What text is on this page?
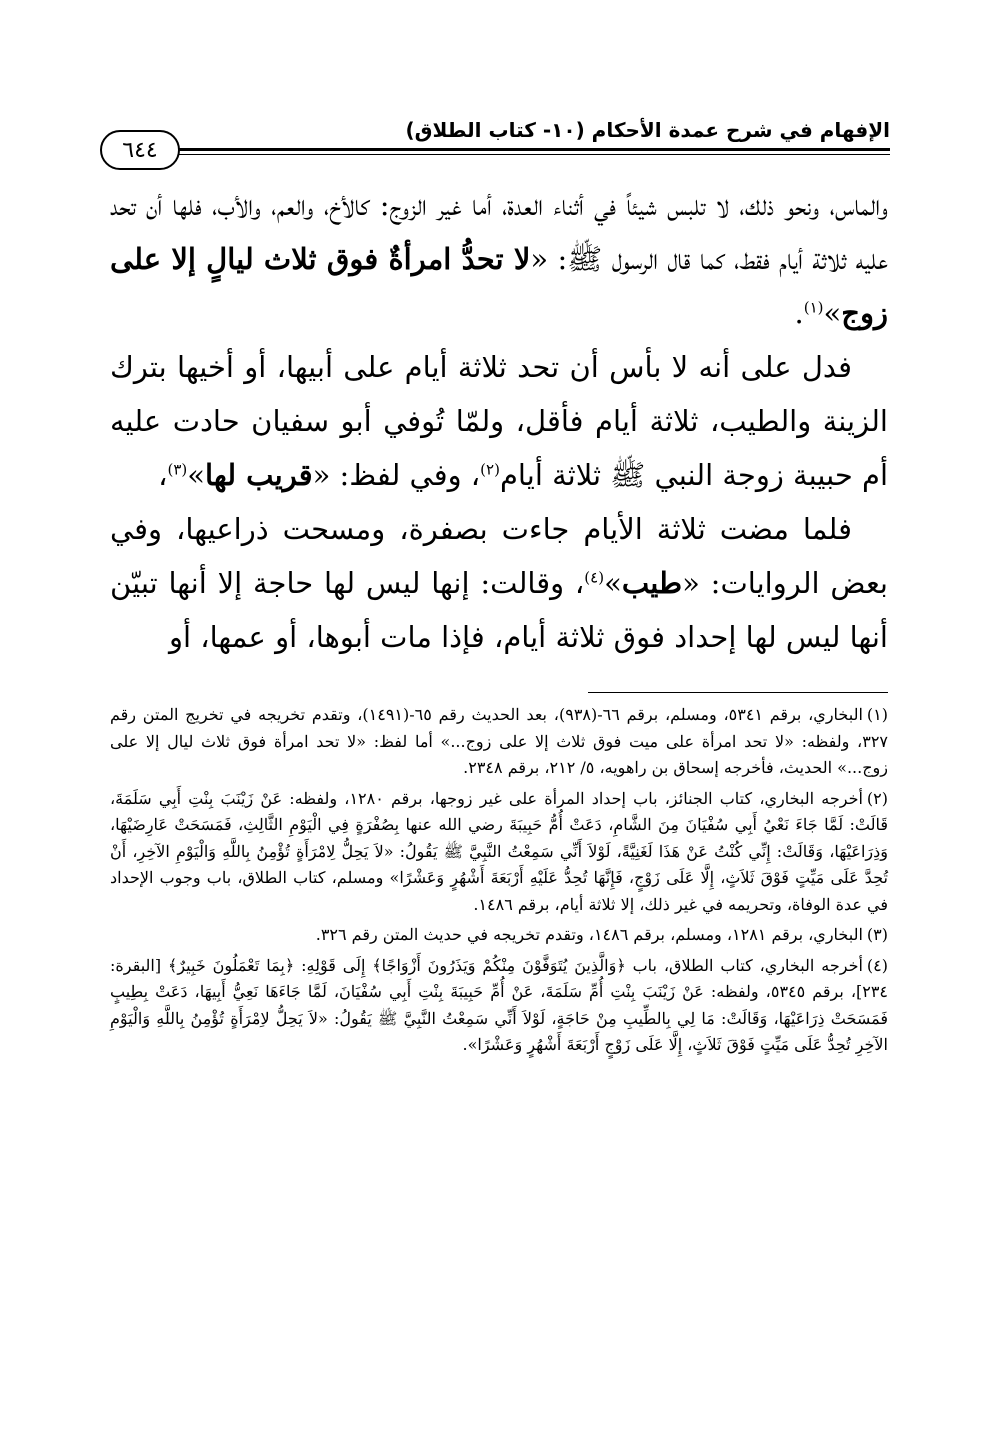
الإفهام في شرح عمدة الأحكام (١٠- كتاب الطلاق)
٦٤٤

والماس، ونحو ذلك، لا تلبس شيئاً في أثناء العدة، أما غير الزوج: كالأخ، والعم، والأب، فلها أن تحد عليه ثلاثة أيام فقط، كما قال الرسول ﷺ: «لا تحدُّ امرأةٌ فوق ثلاث ليالٍ إلا على زوج»$^{(١)}$.

فدل على أنه لا بأس أن تحد ثلاثة أيام على أبيها، أو أخيها بترك الزينة والطيب، ثلاثة أيام فأقل، ولمّا تُوفي أبو سفيان حادت عليه أم حبيبة زوجة النبي ﷺ ثلاثة أيام$^{(٢)}$، وفي لفظ: «قريب لها»$^{(٣)}$،

فلما مضت ثلاثة الأيام جاءت بصفرة، ومسحت ذراعيها، وفي بعض الروايات: «طيب»$^{(٤)}$، وقالت: إنها ليس لها حاجة إلا أنها تبيّن أنها ليس لها إحداد فوق ثلاثة أيام، فإذا مات أبوها، أو عمها، أو

(١)البخاري، برقم ٥٣٤١، ومسلم، برقم ٦٦-(٩٣٨)، بعد الحديث رقم ٦٥-(١٤٩١)، وتقدم تخريجه في تخريج المتن رقم ٣٢٧، ولفظه: «لا تحد امرأة على ميت فوق ثلاث إلا على زوج...» أما لفظ: «لا تحد امرأة فوق ثلاث ليال إلا على زوج...» الحديث، فأخرجه إسحاق بن راهويه، ٥/ ٢١٢، برقم ٢٣٤٨.

(٢)أخرجه البخاري، كتاب الجنائز، باب إحداد المرأة على غير زوجها، برقم ١٢٨٠، ولفظه: عَنْ زَيْنَبَ بِنْتِ أَبِي سَلَمَةَ، قَالَتْ: لَمَّا جَاءَ نَعْيُ أَبِي سُفْيَانَ مِنَ الشَّامِ، دَعَتْ أُمُّ حَبِيبَةَ رضي الله عنها بِصُفْرَةٍ فِي الْيَوْمِ الثَّالِثِ، فَمَسَحَتْ عَارِضَيْهَا، وَذِرَاعَيْهَا، وَقَالَتْ: إِنِّي كُنْتُ عَنْ هَذَا لَغَنِيَّةً، لَوْلاَ أَنِّي سَمِعْتُ النَّبِيَّ ﷺ يَقُولُ: «لاَ يَحِلُّ لِامْرَأَةٍ تُؤْمِنُ بِاللَّهِ وَالْيَوْمِ الآخِرِ، أَنْ تُحِدَّ عَلَى مَيِّتٍ فَوْقَ ثَلاَثٍ، إِلَّا عَلَى زَوْجٍ، فَإِنَّهَا تُحِدُّ عَلَيْهِ أَرْبَعَةَ أَشْهُرٍ وَعَشْرًا» ومسلم، كتاب الطلاق، باب وجوب الإحداد في عدة الوفاة، وتحريمه في غير ذلك، إلا ثلاثة أيام، برقم ١٤٨٦.

(٣)البخاري، برقم ١٢٨١، ومسلم، برقم ١٤٨٦، وتقدم تخريجه في حديث المتن رقم ٣٢٦.

(٤)أخرجه البخاري، كتاب الطلاق، باب ﴿وَالَّذِينَ يُتَوَفَّوْنَ مِنْكُمْ وَيَذَرُونَ أَزْوَاجًا﴾ إِلَى قَوْلِهِ: ﴿بِمَا تَعْمَلُونَ خَبِيرٌ﴾ [البقرة: ٢٣٤]، برقم ٥٣٤٥، ولفظه: عَنْ زَيْنَبَ بِنْتِ أُمِّ سَلَمَةَ، عَنْ أُمِّ حَبِيبَةَ بِنْتِ أَبِي سُفْيَانَ، لَمَّا جَاءَهَا نَعِيُّ أَبِيهَا، دَعَتْ بِطِيبٍ فَمَسَحَتْ ذِرَاعَيْهَا، وَقَالَتْ: مَا لِي بِالطِّيبِ مِنْ حَاجَةٍ، لَوْلاَ أَنِّي سَمِعْتُ النَّبِيَّ ﷺ يَقُولُ: «لاَ يَحِلُّ لاِمْرَأَةٍ تُؤْمِنُ بِاللَّهِ وَالْيَوْمِ الآخِرِ تُحِدُّ عَلَى مَيِّتٍ فَوْقَ ثَلاَثٍ، إِلَّا عَلَى زَوْجٍ أَرْبَعَةَ أَشْهُرٍ وَعَشْرًا».
